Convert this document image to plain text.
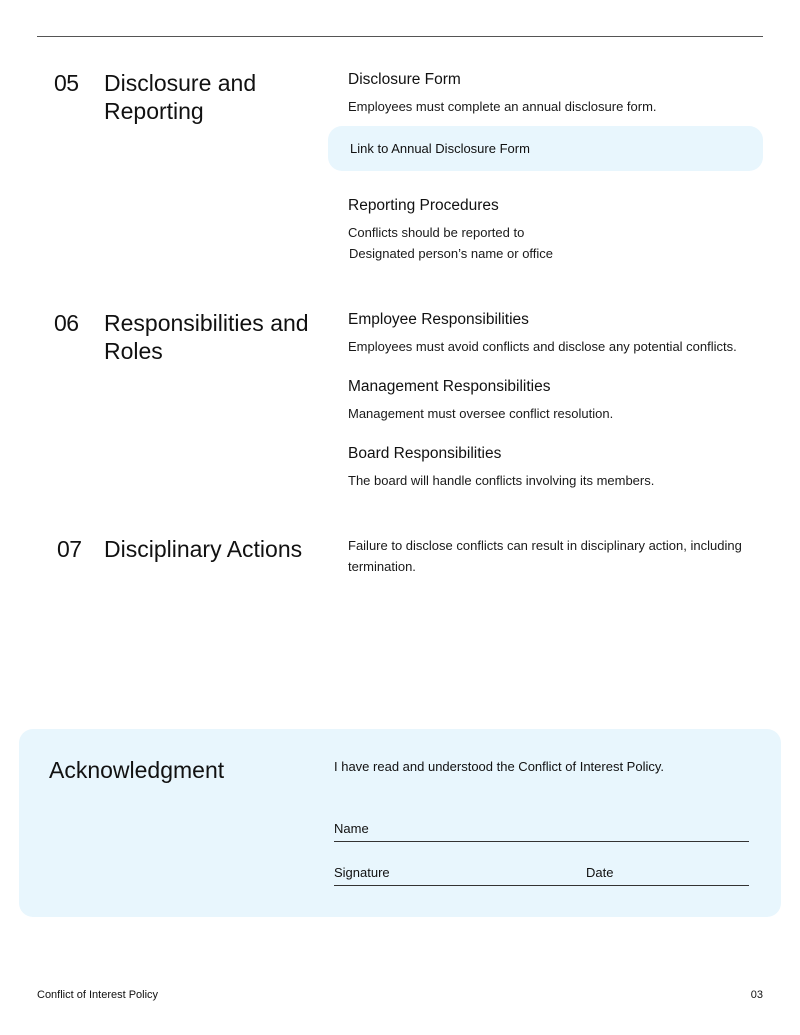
05 Disclosure and Reporting
Disclosure Form
Employees must complete an annual disclosure form.
Link to Annual Disclosure Form
Reporting Procedures
Conflicts should be reported to
Designated person’s name or office
06 Responsibilities and Roles
Employee Responsibilities
Employees must avoid conflicts and disclose any potential conflicts.
Management Responsibilities
Management must oversee conflict resolution.
Board Responsibilities
The board will handle conflicts involving its members.
07 Disciplinary Actions	Failure to disclose conflicts can result in disciplinary action, including termination.
Acknowledgment	I have read and understood the Conflict of Interest Policy.
Name
Signature	Date
Conflict of Interest Policy	03
